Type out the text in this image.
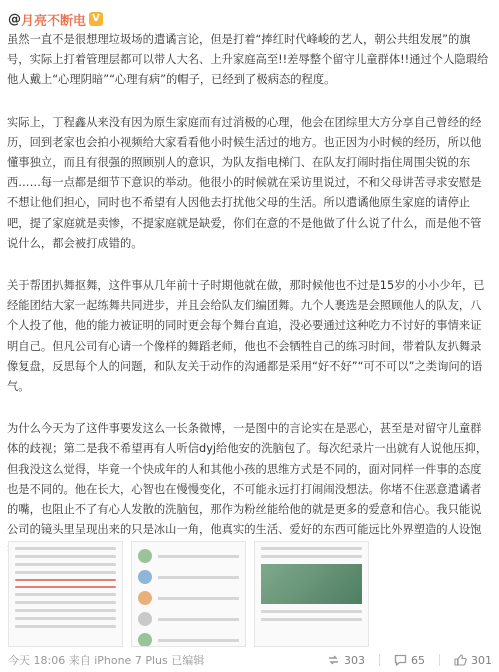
@ 月亮不断电 V

虽然一直不是很想理垃圾场的遣谲言论，但是打着“捧红时代峰峻的艺人，朝公共组发展”的旗号，实际上打着管理层都可以带人大名、上升家庭高至!!差辱整个留守儿童群体!!通过个人隐瑕给他人戴上“心理阴暗”“心理有病”的帽子，已经到了极病态的程度。

实际上，丁程鑫从来没有因为原生家庭而有过消极的心理，他会在团综里大方分享自己曾经的经历，回到老家也会拍小视频给大家看看他小时候生活过的地方。也正因为小时候的经历，所以他懂事独立，而且有很强的照顾别人的意识，为队友指电梯门、在队友打闹时指住周围尖锐的东西……每一点都是细节下意识的举动。他很小的时候就在采访里说过，不和父母讲苦寻求安慰是不想让他们担心，同时也不希望有人因他去打扰他父母的生活。所以遣谲他原生家庭的请停止吧，提了家庭就是卖惨，不提家庭就是缺爱，你们在意的不是他做了什么说了什么，而是他不管说什么，都会被打成错的。

关于帮团扒舞抠舞，这件事从几年前十子时期他就在做，那时候他也不过是15岁的小小少年，已经能团结大家一起练舞共同进步，并且会给队友们编团舞。九个人裹选是会照顾他人的队友，八个人投了他，他的能力被证明的同时更会每个舞台直追，没必要通过这种吃力不讨好的事情来证明自己。但凡公司有心请一个像样的舞蹈老师，他也不会牺牲自己的练习时间，带着队友扒舞录像复盘，反思每个人的问题，和队友关于动作的沟通都是采用“好不好”“可不可以”之类询问的语气。

为什么今天为了这件事要发这么一长条微博，一是图中的言论实在是恶心，甚至是对留守儿童群体的歧视；第二是我不希望再有人听信dyj给他安的洗脑包了。每次纪录片一出就有人说他压抑，但我没这么觉得，毕竟一个快成年的人和其他小孩的思维方式是不同的，面对同样一件事的态度也是不同的。他在长大，心智也在慢慢变化，不可能永远打打闹闹没想法。你堵不住恶意遣谲者的嘴，也阻止不了有心人发散的洗脑包，那作为粉丝能给他的就是更多的爱意和信心。我只能说公司的镜头里呈现出来的只是冰山一角，他真实的生活、爱好的东西可能远比外界塑造的人设饱

今天 18:06 来自 iPhone 7 Plus 已编辑	303	65	301
